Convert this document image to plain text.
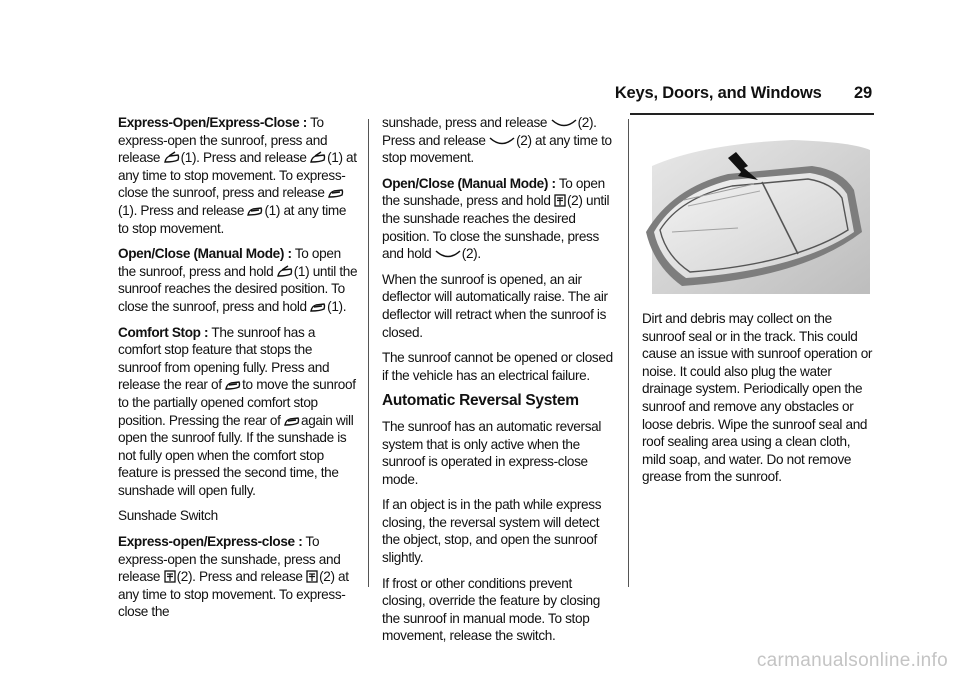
Keys, Doors, and Windows 29

Express-Open/Express-Close : To express-open the sunroof, press and release (1). Press and release (1) at any time to stop movement. To express-close the sunroof, press and release (1). Press and release (1) at any time to stop movement.

Open/Close (Manual Mode) : To open the sunroof, press and hold (1) until the sunroof reaches the desired position. To close the sunroof, press and hold (1).

Comfort Stop : The sunroof has a comfort stop feature that stops the sunroof from opening fully. Press and release the rear of to move the sunroof to the partially opened comfort stop position. Pressing the rear of again will open the sunroof fully. If the sunshade is not fully open when the comfort stop feature is pressed the second time, the sunshade will open fully.

Sunshade Switch

Express-open/Express-close : To express-open the sunshade, press and release (2). Press and release (2) at any time to stop movement. To express-close the

sunshade, press and release (2). Press and release (2) at any time to stop movement.

Open/Close (Manual Mode) : To open the sunshade, press and hold (2) until the sunshade reaches the desired position. To close the sunshade, press and hold (2).

When the sunroof is opened, an air deflector will automatically raise. The air deflector will retract when the sunroof is closed.

The sunroof cannot be opened or closed if the vehicle has an electrical failure.

Automatic Reversal System

The sunroof has an automatic reversal system that is only active when the sunroof is operated in express-close mode.

If an object is in the path while express closing, the reversal system will detect the object, stop, and open the sunroof slightly.

If frost or other conditions prevent closing, override the feature by closing the sunroof in manual mode. To stop movement, release the switch.

Dirt and debris may collect on the sunroof seal or in the track. This could cause an issue with sunroof operation or noise. It could also plug the water drainage system. Periodically open the sunroof and remove any obstacles or loose debris. Wipe the sunroof seal and roof sealing area using a clean cloth, mild soap, and water. Do not remove grease from the sunroof.

carmanualsonline.info
